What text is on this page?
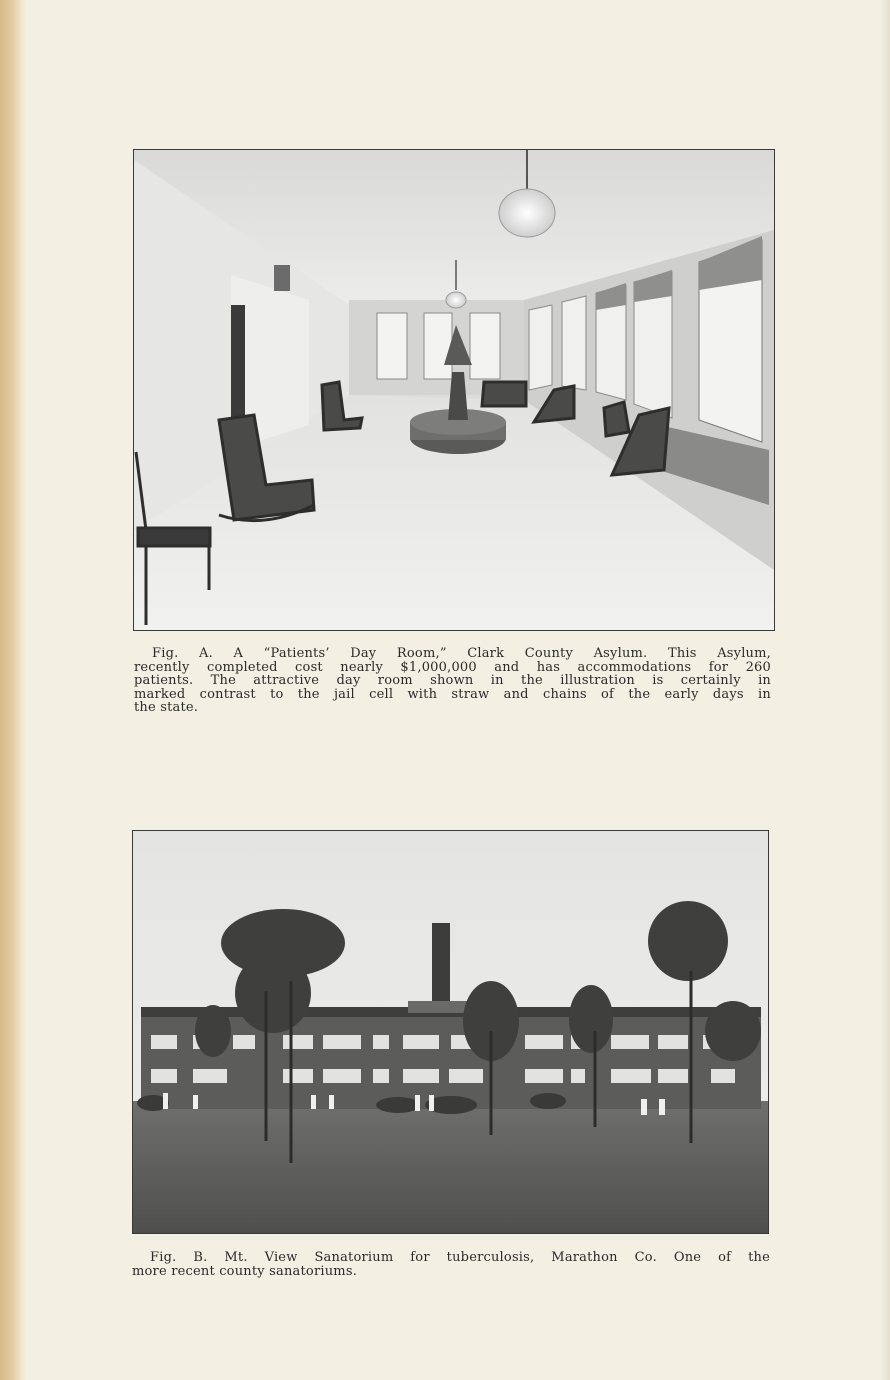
Fig. A. A “Patients’ Day Room,” Clark County Asylum. This Asylum,
recently completed cost nearly $1,000,000 and has accommodations for 260
patients. The attractive day room shown in the illustration is certainly in
marked contrast to the jail cell with straw and chains of the early days in
the state.
Fig. B. Mt. View Sanatorium for tuberculosis, Marathon Co. One of the
more recent county sanatoriums.
